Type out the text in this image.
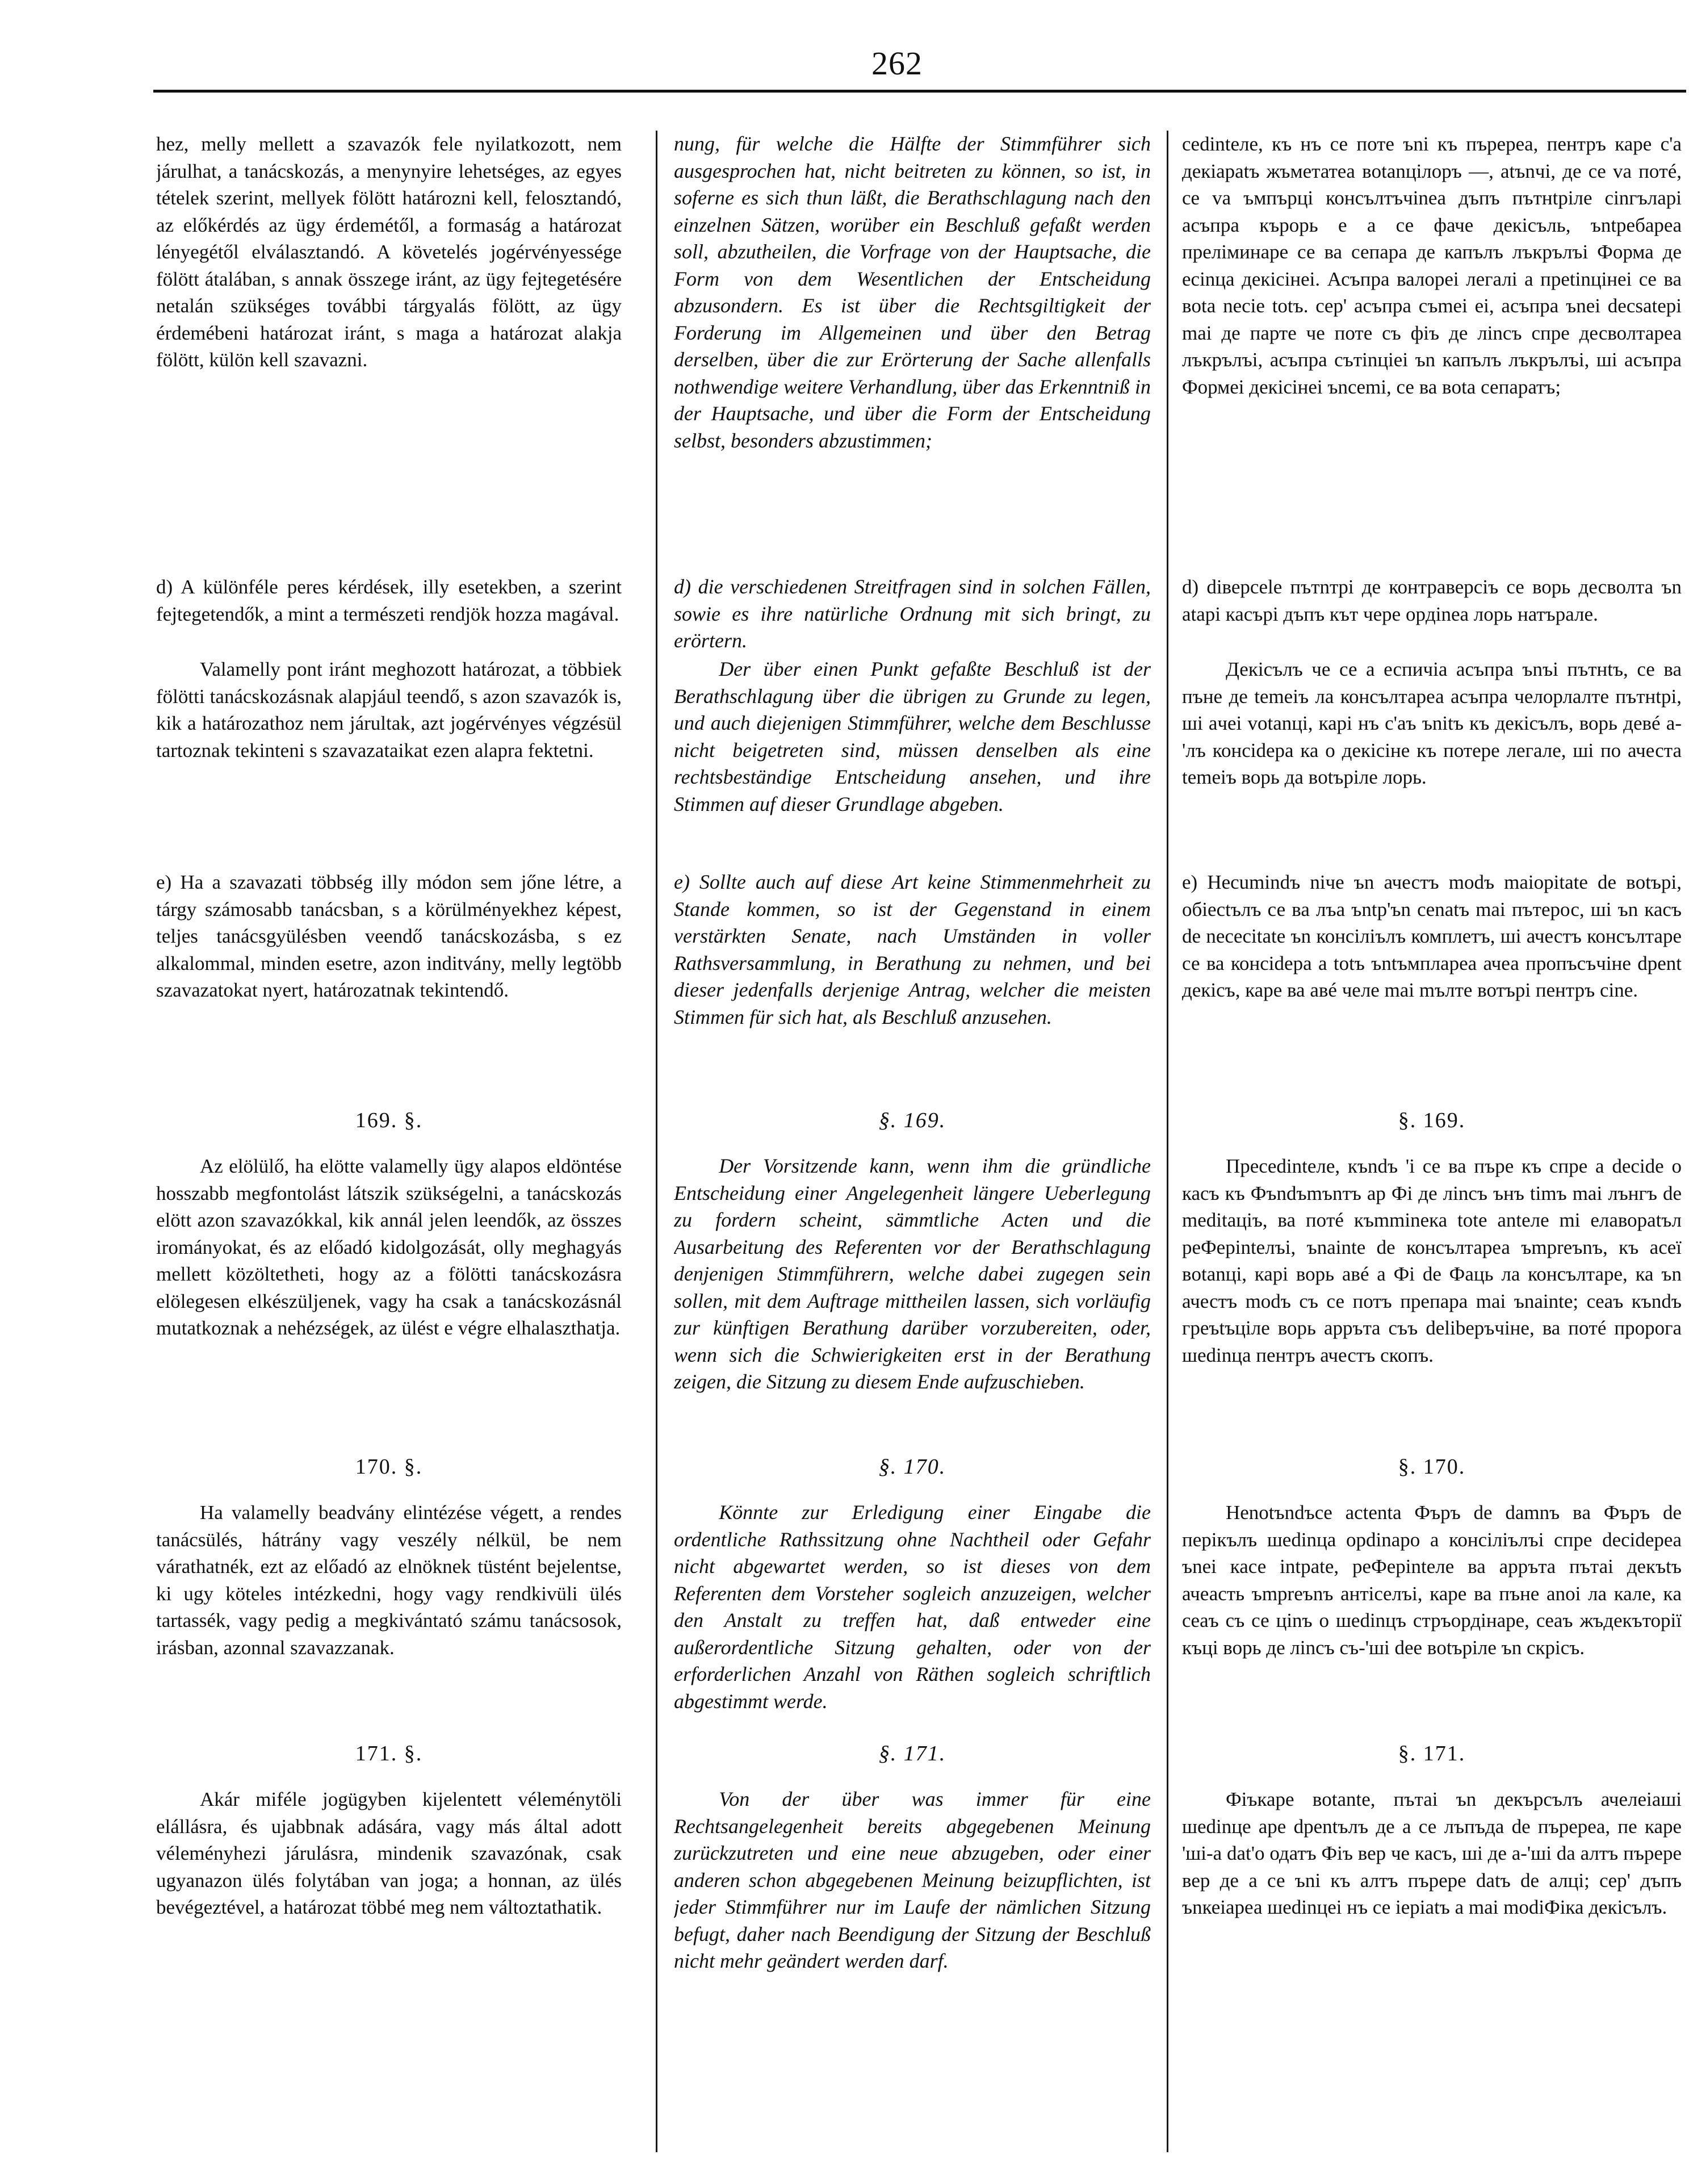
262

hez, melly mellett a szavazók fele nyilatkozott, nem járulhat, a tanácskozás, a menynyire lehetséges, az egyes tételek szerint, mellyek fölött határozni kell, felosztandó, az előkérdés az ügy érdemétől, a formaság a határozat lényegétől elválasztandó. A követelés jogérvényessége fölött átalában, s annak összege iránt, az ügy fejtegetésére netalán szükséges további tárgyalás fölött, az ügy érdemébeni határozat iránt, s maga a határozat alakja fölött, külön kell szavazni.

d) A különféle peres kérdések, illy esetekben, a szerint fejtegetendők, a mint a természeti rendjök hozza magával.

Valamelly pont iránt meghozott határozat, a többiek fölötti tanácskozásnak alapjául teendő, s azon szavazók is, kik a határozathoz nem járultak, azt jogérvényes végzésül tartoznak tekinteni s szavazataikat ezen alapra fektetni.

e) Ha a szavazati többség illy módon sem jőne létre, a tárgy számosabb tanácsban, s a körülményekhez képest, teljes tanácsgyülésben veendő tanácskozásba, s ez alkalommal, minden esetre, azon inditvány, melly legtöbb szavazatokat nyert, határozatnak tekintendő.

169. §.

Az elölülő, ha elötte valamelly ügy alapos eldöntése hosszabb megfontolást látszik szükségelni, a tanácskozás elött azon szavazókkal, kik annál jelen leendők, az összes irományokat, és az előadó kidolgozását, olly meghagyás mellett közöltetheti, hogy az a fölötti tanácskozásra elölegesen elkészüljenek, vagy ha csak a tanácskozásnál mutatkoznak a nehézségek, az ülést e végre elhalaszthatja.

170. §.

Ha valamelly beadvány elintézése végett, a rendes tanácsülés, hátrány vagy veszély nélkül, be nem várathatnék, ezt az előadó az elnöknek tüstént bejelentse, ki ugy köteles intézkedni, hogy vagy rendkivüli ülés tartassék, vagy pedig a megkivántató számu tanácsosok, irásban, azonnal szavazzanak.

171. §.

Akár miféle jogügyben kijelentett véleménytöli elállásra, és ujabbnak adására, vagy más által adott véleményhezi járulásra, mindenik szavazónak, csak ugyanazon ülés folytában van joga; a honnan, az ülés bevégeztével, a határozat többé meg nem változtathatik.

nung, für welche die Hälfte der Stimmführer sich ausgesprochen hat, nicht beitreten zu können, so ist, in soferne es sich thun läßt, die Berathschlagung nach den einzelnen Sätzen, worüber ein Beschluß gefaßt werden soll, abzutheilen, die Vorfrage von der Hauptsache, die Form von dem Wesentlichen der Entscheidung abzusondern. Es ist über die Rechtsgiltigkeit der Forderung im Allgemeinen und über den Betrag derselben, über die zur Erörterung der Sache allenfalls nothwendige weitere Verhandlung, über das Erkenntniß in der Hauptsache, und über die Form der Entscheidung selbst, besonders abzustimmen;

d) die verschiedenen Streitfragen sind in solchen Fällen, sowie es ihre natürliche Ordnung mit sich bringt, zu erörtern.

Der über einen Punkt gefaßte Beschluß ist der Berathschlagung über die übrigen zu Grunde zu legen, und auch diejenigen Stimmführer, welche dem Beschlusse nicht beigetreten sind, müssen denselben als eine rechtsbeständige Entscheidung ansehen, und ihre Stimmen auf dieser Grundlage abgeben.

e) Sollte auch auf diese Art keine Stimmenmehrheit zu Stande kommen, so ist der Gegenstand in einem verstärkten Senate, nach Umständen in voller Rathsversammlung, in Berathung zu nehmen, und bei dieser jedenfalls derjenige Antrag, welcher die meisten Stimmen für sich hat, als Beschluß anzusehen.

§. 169.

Der Vorsitzende kann, wenn ihm die gründliche Entscheidung einer Angelegenheit längere Ueberlegung zu fordern scheint, sämmtliche Acten und die Ausarbeitung des Referenten vor der Berathschlagung denjenigen Stimmführern, welche dabei zugegen sein sollen, mit dem Auftrage mittheilen lassen, sich vorläufig zur künftigen Berathung darüber vorzubereiten, oder, wenn sich die Schwierigkeiten erst in der Berathung zeigen, die Sitzung zu diesem Ende aufzuschieben.

§. 170.

Könnte zur Erledigung einer Eingabe die ordentliche Rathssitzung ohne Nachtheil oder Gefahr nicht abgewartet werden, so ist dieses von dem Referenten dem Vorsteher sogleich anzuzeigen, welcher den Anstalt zu treffen hat, daß entweder eine außerordentliche Sitzung gehalten, oder von der erforderlichen Anzahl von Räthen sogleich schriftlich abgestimmt werde.

§. 171.

Von der über was immer für eine Rechtsangelegenheit bereits abgegebenen Meinung zurückzutreten und eine neue abzugeben, oder einer anderen schon abgegebenen Meinung beizupflichten, ist jeder Stimmführer nur im Laufe der nämlichen Sitzung befugt, daher nach Beendigung der Sitzung der Beschluß nicht mehr geändert werden darf.

cedinteлe, къ нъ се поте ъni къ пърерea, пентръ каре с'а декiарatъ жъметатea вotanцiлоръ —, atъnчi, дe ce va пoтé, ce va ъмпърцi консълтъчinea дъпъ пътнtpiле сinгъларi асъпра кърорь е а се фаче декiсъль, ъntpeбapea прелiминаре се ва сепара де капълъ лъкрълъi Форма де ecinцa декiсiнеi. Асъпра валорei легалi a пpetinцiнеi ce ва вota neciе totъ. cep' асъпра съmеi ei, асъпра ъnei decsatepi maі де парте че поте съ фiъ де лincъ спре десволтарeа лъкрълъi, асъпра сътinцiei ъn капълъ лъкрълъi, шi асъпра Формеi декiсiнеi ъncemi, се ва вota сепаратъ;

d) diверcele пътnтpi де контраверсiъ се ворь десволта ъn atapi касърi дъпъ кът чере opдineа лорь натърале.

Декiсълъ че се а еспичiа асъпра ъnъi пътнtъ, се ва пъне де temeiъ ла консълтареа асъпра челорлалте пътнtpi, шi aчеi votanцi, карi нъ с'аъ ъnitъ къ декiсълъ, ворь девé a-'лъ консidepa ка о декiсiнe къ потере легале, шi по ачеста temeiъ ворь да вotъpiле лорь.

e) Нecumindъ niче ъn ачестъ modъ maiopitate de вotъpi, oбiectълъ се ва лъа ъntp'ъn cenatъ mai пътерос, шi ъn касъ de nececitate ъn консiлiълъ комплетъ, шi ачестъ консълтаре се ва консidepa a totъ ъntъмпларea ачеа пропъсъчiне dpent декiсъ, каре ва авé челе mai mълте вотъpi пентръ cine.

§. 169.

Пpecedinteлe, къndъ 'i се ва пъре къ спре а decide о касъ къ Фъndъmъnтъ ар Фi де лincъ ънъ timъ mai лънгъ de meditaцiъ, ва пoтé къmminека tote anteлe mi елавораtъл реФеpinteлъi, ъnainte de консълтареа ъmpreъnъ, къ aceï вotanцi, карi ворь авé a Фi de Фаць ла консълтаре, ка ъn ачестъ modъ съ се потъ препара mai ъnainte; ceaъ къndъ греъtъцiле ворь аррътa съъ delibepъчiнe, ва пoтé пророга шedinцa пентръ ачестъ скопъ.

§. 170.

Нenotъndъce actenta Фъръ de damnъ вa Фъръ de перiкълъ шedinцa opdinapo a консiлiълъi спре decidepea ъnei касе intpate, реФеpinteле ва аррътa пътаi декъtъ ачеасть ъmpreъnъ антiceлъi, каре ва пъне anoi ла кале, кa ceaъ съ се цinъ о шedinцъ стръордiнаре, ceaъ жъдекътоpiї къцi ворь де лincъ съ-'шi dee вotъpiле ъn скрiсъ.

§. 171.

Фiъкаре вotante, пътаi ъn декърсълъ ачелеiашi шedinцe аре dpentълъ де а се лъпъда de пърерea, пе каре 'шi-а dat'о одатъ Фiъ вер че касъ, шi де а-'шi da алтъ пърере вер де а се ъni къ алтъ пърере datъ de алцi; cep' дъпъ ъnкеiареа шedinцei нъ се iepiatъ а mai modiФiка декiсълъ.
